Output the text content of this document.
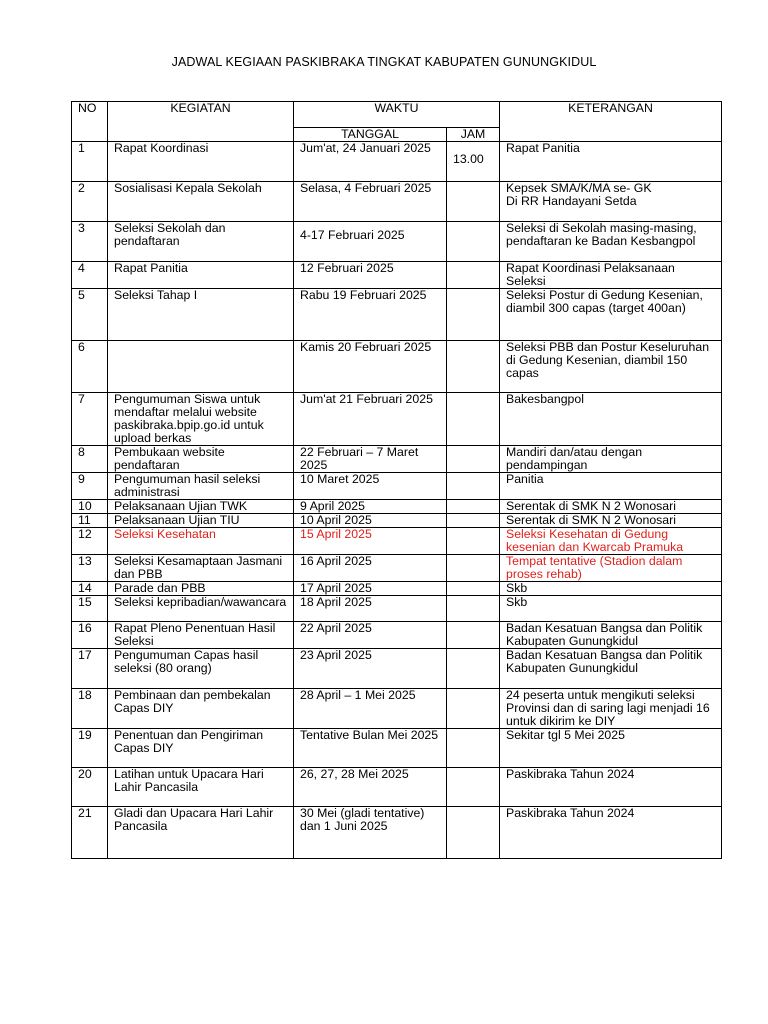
JADWAL KEGIAAN PASKIBRAKA TINGKAT KABUPATEN GUNUNGKIDUL
NO	KEGIATAN	WAKTU		KETERANGAN
		TANGGAL	JAM	
1	Rapat Koordinasi	Jum'at, 24 Januari 2025	13.00	Rapat Panitia
2	Sosialisasi Kepala Sekolah	Selasa, 4 Februari 2025		Kepsek SMA/K/MA se- GK
Di RR Handayani Setda
3	Seleksi Sekolah dan pendaftaran	4-17 Februari 2025		Seleksi di Sekolah masing-masing, pendaftaran ke Badan Kesbangpol
4	Rapat Panitia	12 Februari 2025		Rapat Koordinasi Pelaksanaan Seleksi
5	Seleksi Tahap I	Rabu 19 Februari 2025		Seleksi Postur di Gedung Kesenian, diambil 300 capas (target 400an)
6		Kamis 20 Februari 2025		Seleksi PBB dan Postur Keseluruhan di Gedung Kesenian, diambil 150 capas
7	Pengumuman Siswa untuk mendaftar melalui website paskibraka.bpip.go.id untuk upload berkas	Jum'at 21 Februari 2025		Bakesbangpol
8	Pembukaan website pendaftaran	22 Februari – 7 Maret 2025		Mandiri dan/atau dengan pendampingan
9	Pengumuman hasil seleksi administrasi	10 Maret 2025		Panitia
10	Pelaksanaan Ujian TWK	9 April 2025		Serentak di SMK N 2 Wonosari
11	Pelaksanaan Ujian TIU	10 April 2025		Serentak di SMK N 2 Wonosari
12	Seleksi Kesehatan	15 April 2025		Seleksi Kesehatan di Gedung kesenian dan Kwarcab Pramuka
13	Seleksi Kesamaptaan Jasmani dan PBB	16 April 2025		Tempat tentative (Stadion dalam proses rehab)
14	Parade dan PBB	17 April 2025		Skb
15	Seleksi kepribadian/wawancara	18 April 2025		Skb
16	Rapat Pleno Penentuan Hasil Seleksi	22 April 2025		Badan Kesatuan Bangsa dan Politik Kabupaten Gunungkidul
17	Pengumuman Capas hasil seleksi (80 orang)	23 April 2025		Badan Kesatuan Bangsa dan Politik Kabupaten Gunungkidul
18	Pembinaan dan pembekalan Capas DIY	28 April – 1 Mei 2025		24 peserta untuk mengikuti seleksi Provinsi dan di saring lagi menjadi 16 untuk dikirim ke DIY
19	Penentuan dan Pengiriman Capas DIY	Tentative Bulan Mei 2025		Sekitar tgl 5 Mei 2025
20	Latihan untuk Upacara Hari Lahir Pancasila	26, 27, 28 Mei 2025		Paskibraka Tahun 2024
21	Gladi dan Upacara Hari Lahir Pancasila	30 Mei (gladi tentative) dan 1 Juni 2025		Paskibraka Tahun 2024
